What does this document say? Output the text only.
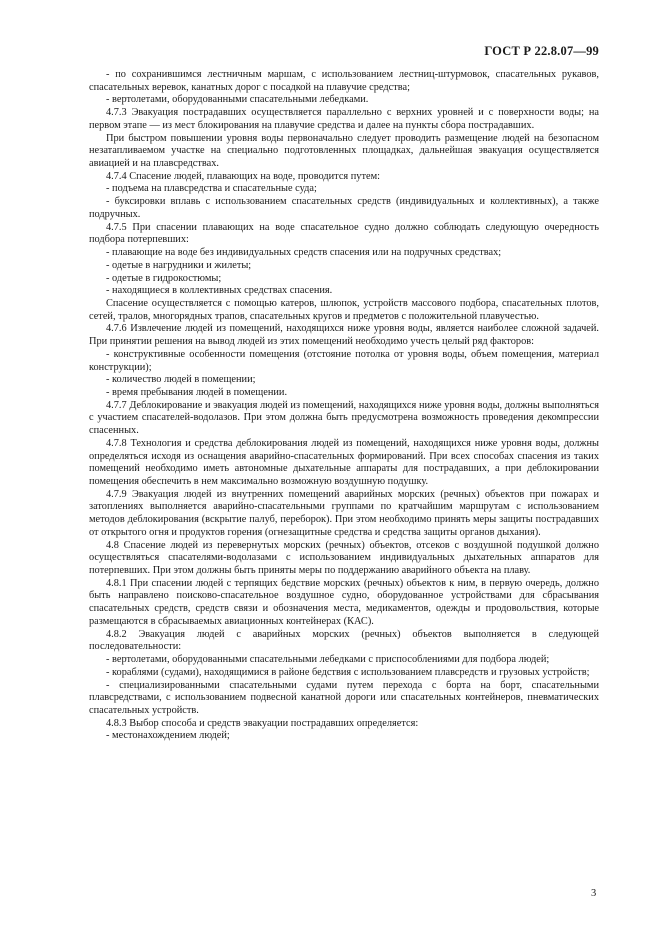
ГОСТ Р 22.8.07—99

- по сохранившимся лестничным маршам, с использованием лестниц-штурмовок, спасательных рукавов, спасательных веревок, канатных дорог с посадкой на плавучие средства;

- вертолетами, оборудованными спасательными лебедками.

4.7.3 Эвакуация пострадавших осуществляется параллельно с верхних уровней и с поверхности воды; на первом этапе — из мест блокирования на плавучие средства и далее на пункты сбора пострадавших.

При быстром повышении уровня воды первоначально следует проводить размещение людей на безопасном незатапливаемом участке на специально подготовленных площадках, дальнейшая эвакуация осуществляется авиацией и на плавсредствах.

4.7.4 Спасение людей, плавающих на воде, проводится путем:

- подъема на плавсредства и спасательные суда;

- буксировки вплавь с использованием спасательных средств (индивидуальных и коллективных), а также подручных.

4.7.5 При спасении плавающих на воде спасательное судно должно соблюдать следующую очередность подбора потерпевших:

- плавающие на воде без индивидуальных средств спасения или на подручных средствах;

- одетые в нагрудники и жилеты;

- одетые в гидрокостюмы;

- находящиеся в коллективных средствах спасения.

Спасение осуществляется с помощью катеров, шлюпок, устройств массового подбора, спасательных плотов, сетей, тралов, многорядных трапов, спасательных кругов и предметов с положительной плавучестью.

4.7.6 Извлечение людей из помещений, находящихся ниже уровня воды, является наиболее сложной задачей. При принятии решения на вывод людей из этих помещений необходимо учесть целый ряд факторов:

- конструктивные особенности помещения (отстояние потолка от уровня воды, объем помещения, материал конструкции);

- количество людей в помещении;

- время пребывания людей в помещении.

4.7.7 Деблокирование и эвакуация людей из помещений, находящихся ниже уровня воды, должны выполняться с участием спасателей-водолазов. При этом должна быть предусмотрена возможность проведения декомпрессии спасенных.

4.7.8 Технология и средства деблокирования людей из помещений, находящихся ниже уровня воды, должны определяться исходя из оснащения аварийно-спасательных формирований. При всех способах спасения из таких помещений необходимо иметь автономные дыхательные аппараты для пострадавших, а при деблокировании помещения обеспечить в нем максимально возможную воздушную подушку.

4.7.9 Эвакуация людей из внутренних помещений аварийных морских (речных) объектов при пожарах и затоплениях выполняется аварийно-спасательными группами по кратчайшим маршрутам с использованием методов деблокирования (вскрытие палуб, переборок). При этом необходимо принять меры защиты пострадавших от открытого огня и продуктов горения (огнезащитные средства и средства защиты органов дыхания).

4.8 Спасение людей из перевернутых морских (речных) объектов, отсеков с воздушной подушкой должно осуществляться спасателями-водолазами с использованием индивидуальных дыхательных аппаратов для потерпевших. При этом должны быть приняты меры по поддержанию аварийного объекта на плаву.

4.8.1 При спасении людей с терпящих бедствие морских (речных) объектов к ним, в первую очередь, должно быть направлено поисково-спасательное воздушное судно, оборудованное устройствами для сбрасывания спасательных средств, средств связи и обозначения места, медикаментов, одежды и продовольствия, которые размещаются в сбрасываемых авиационных контейнерах (КАС).

4.8.2 Эвакуация людей с аварийных морских (речных) объектов выполняется в следующей последовательности:

- вертолетами, оборудованными спасательными лебедками с приспособлениями для подбора людей;

- кораблями (судами), находящимися в районе бедствия с использованием плавсредств и грузовых устройств;

- специализированными спасательными судами путем перехода с борта на борт, спасательными плавсредствами, с использованием подвесной канатной дороги или спасательных контейнеров, пневматических спасательных устройств.

4.8.3 Выбор способа и средств эвакуации пострадавших определяется:

- местонахождением людей;

3
